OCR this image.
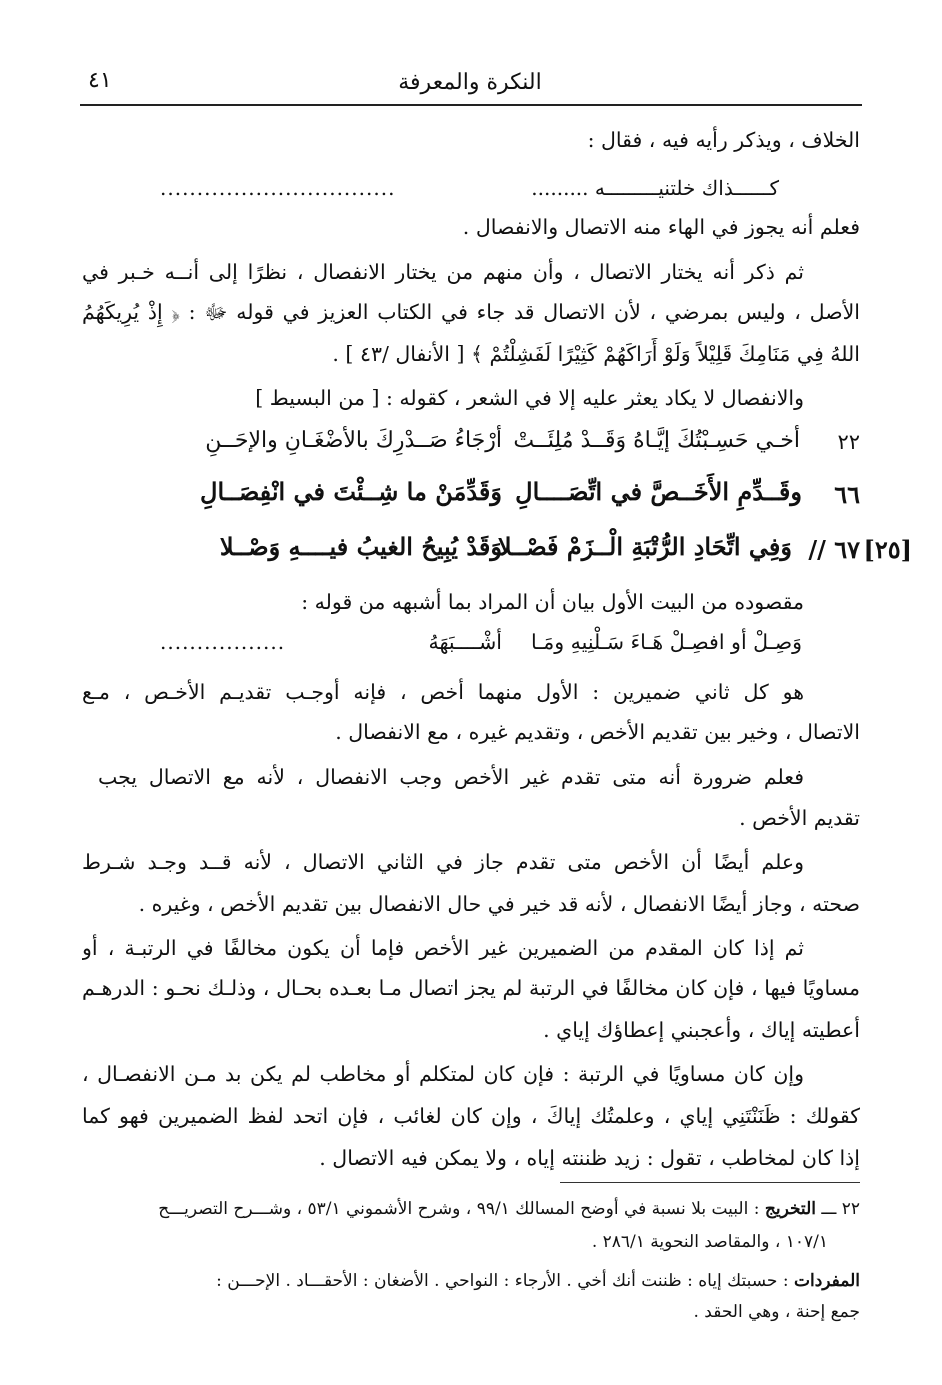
النكرة والمعرفة
٤١
الخلاف ، ويذكر رأيه فيه ، فقال :
كــــــذاك خلتنيـــــــــه .........
................................
فعلم أنه يجوز في الهاء منه الاتصال والانفصال .
ثم ذكر أنه يختار الاتصال ، وأن منهم من يختار الانفصال ، نظرًا إلى أنــه خـبر في
الأصل ، وليس بمرضي ، لأن الاتصال قد جاء في الكتاب العزيز في قوله ﷻ : ﴿ إِذْ يُرِيكَهُمُ
اللهُ فِي مَنَامِكَ قَلِيْلاً وَلَوْ أَرَاكَهُمْ كَثِيْرًا لَفَشِلْتُمْ ﴾ [ الأنفال /٤٣ ] .
والانفصال لا يكاد يعثر عليه إلا في الشعر ، كقوله : [ من البسيط ]
٢٢
أخـي حَسِـبْتُكَ إيَّـاهُ وَقَــدْ مُلِئَــتْ
أرْجَاءُ صَــدْرِكَ بالأضْغَـانِ والإحَــنِ
٦٦
وقَــدِّمِ الأَخَــصَّ في اتِّصَــــالِ
وَقَدِّمَنْ ما شِــئْتَ في انْفِصَــالِ
[٢٥]
٦٧ //
وَفِي اتِّحَادِ الرُّتْبَةِ الْــزَمْ فَصْــلا
وَقَدْ يُبِيحُ الغيبُ فيــــهِ وَصْــلا
مقصوده من البيت الأول بيان أن المراد بما أشبهه من قوله :
وَصِـلْ أو افصِـلْ هَـاءَ سَـلْنِيهِ ومَـا
أشْــــبَهَهُ
.................
هو كل ثاني ضميرين : الأول منهما أخص ، فإنه أوجـب تقديـم الأخـص ، مـع
الاتصال ، وخير بين تقديم الأخص ، وتقديم غيره ، مع الانفصال .
فعلم ضرورة أنه متى تقدم غير الأخص وجب الانفصال ، لأنه مع الاتصال يجب
تقديم الأخص .
وعلم أيضًا أن الأخص متى تقدم جاز في الثاني الاتصال ، لأنه قــد وجـد شـرط
صحته ، وجاز أيضًا الانفصال ، لأنه قد خير في حال الانفصال بين تقديم الأخص ، وغيره .
ثم إذا كان المقدم من الضميرين غير الأخص فإما أن يكون مخالفًا في الرتبـة ، أو
مساويًا فيها ، فإن كان مخالفًا في الرتبة لم يجز اتصال مـا بعـده بحـال ، وذلـك نحـو : الدرهـم
أعطيته إياك ، وأعجبني إعطاؤك إياي .
وإن كان مساويًا في الرتبة : فإن كان لمتكلم أو مخاطب لم يكن بد مـن الانفصـال ،
كقولك : ظَنَنْتَنِي إياي ، وعلمتُك إياكَ ، وإن كان لغائب ، فإن اتحد لفظ الضميرين فهو كما
إذا كان لمخاطب ، تقول : زيد ظننته إياه ، ولا يمكن فيه الاتصال .
٢٢ ـــ التخريج : البيت بلا نسبة في أوضح المسالك ٩٩/١ ، وشرح الأشموني ٥٣/١ ، وشـــرح التصريـــح
١٠٧/١ ، والمقاصد النحوية ٢٨٦/١ .
المفردات : حسبتك إياه : ظننت أنك أخي . الأرجاء : النواحي . الأضغان : الأحقـــاد . الإحـــن :
جمع إحنة ، وهي الحقد .
